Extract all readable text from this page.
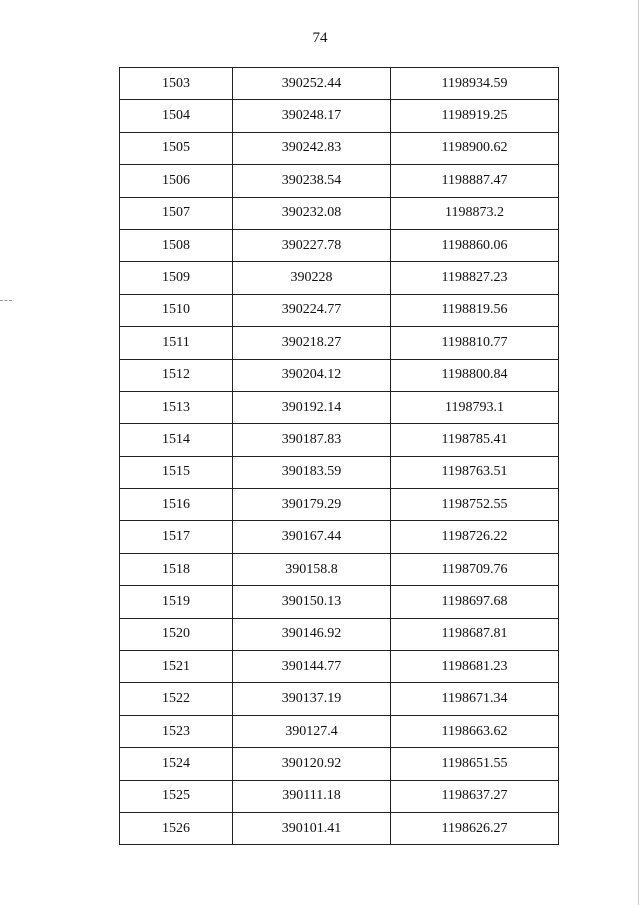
74
1503	390252.44	1198934.59
1504	390248.17	1198919.25
1505	390242.83	1198900.62
1506	390238.54	1198887.47
1507	390232.08	1198873.2
1508	390227.78	1198860.06
1509	390228	1198827.23
1510	390224.77	1198819.56
1511	390218.27	1198810.77
1512	390204.12	1198800.84
1513	390192.14	1198793.1
1514	390187.83	1198785.41
1515	390183.59	1198763.51
1516	390179.29	1198752.55
1517	390167.44	1198726.22
1518	390158.8	1198709.76
1519	390150.13	1198697.68
1520	390146.92	1198687.81
1521	390144.77	1198681.23
1522	390137.19	1198671.34
1523	390127.4	1198663.62
1524	390120.92	1198651.55
1525	390111.18	1198637.27
1526	390101.41	1198626.27
